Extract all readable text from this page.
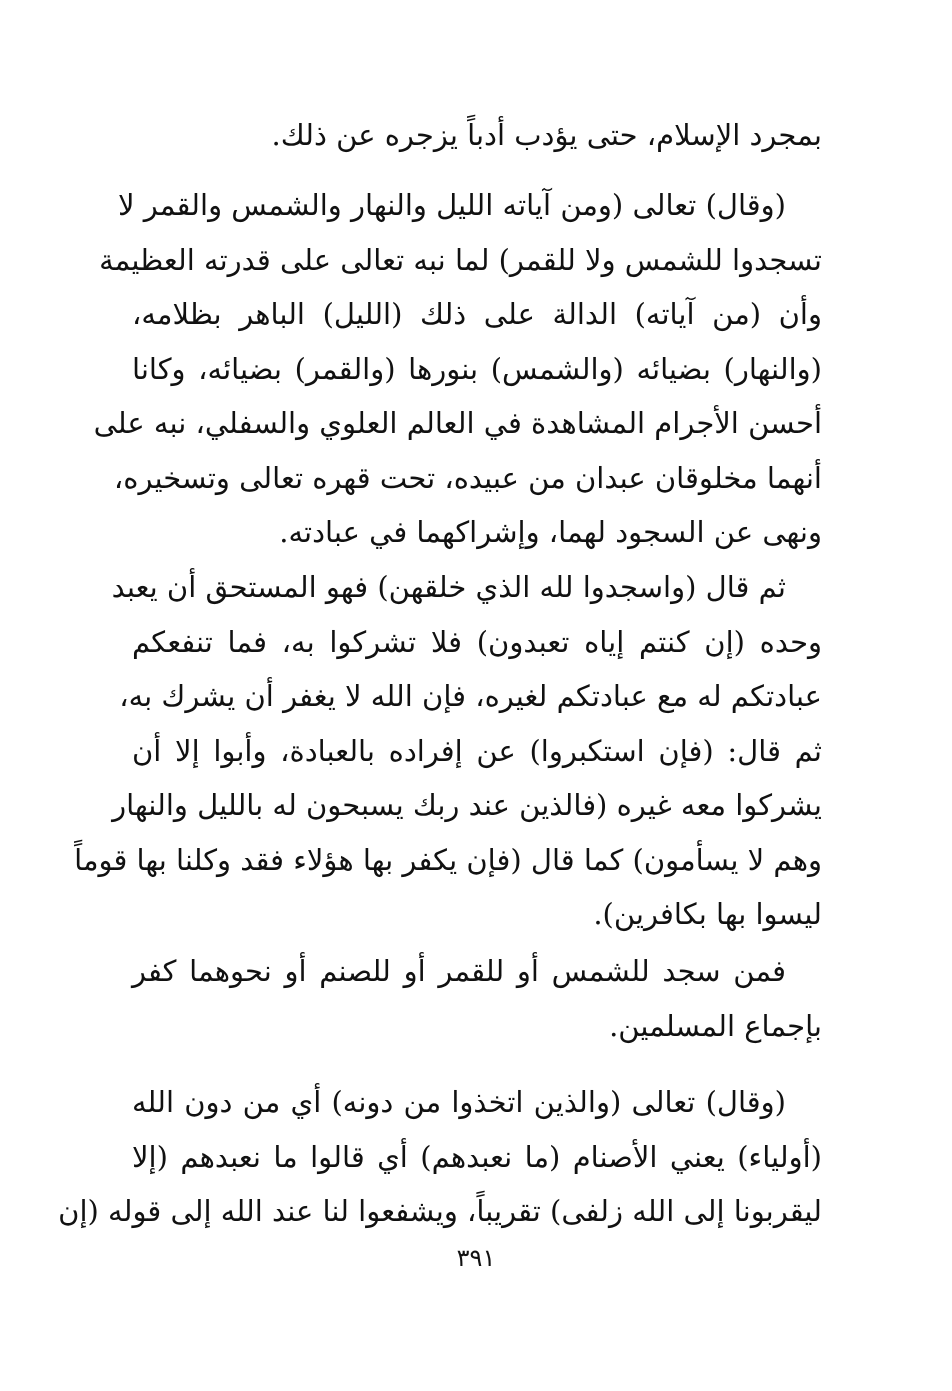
بمجرد الإسلام، حتى يؤدب أدباً يزجره عن ذلك.
(وقال) تعالى (ومن آياته الليل والنهار والشمس والقمر لا
تسجدوا للشمس ولا للقمر) لما نبه تعالى على قدرته العظيمة
وأن (من آياته) الدالة على ذلك (الليل) الباهر بظلامه،
(والنهار) بضيائه (والشمس) بنورها (والقمر) بضيائه، وكانا
أحسن الأجرام المشاهدة في العالم العلوي والسفلي، نبه على
أنهما مخلوقان عبدان من عبيده، تحت قهره تعالى وتسخيره،
ونهى عن السجود لهما، وإشراكهما في عبادته.
ثم قال (واسجدوا لله الذي خلقهن) فهو المستحق أن يعبد
وحده (إن كنتم إياه تعبدون) فلا تشركوا به، فما تنفعكم
عبادتكم له مع عبادتكم لغيره، فإن الله لا يغفر أن يشرك به،
ثم قال: (فإن استكبروا) عن إفراده بالعبادة، وأبوا إلا أن
يشركوا معه غيره (فالذين عند ربك يسبحون له بالليل والنهار
وهم لا يسأمون) كما قال (فإن يكفر بها هؤلاء فقد وكلنا بها قوماً
ليسوا بها بكافرين).
فمن سجد للشمس أو للقمر أو للصنم أو نحوهما كفر
بإجماع المسلمين.
(وقال) تعالى (والذين اتخذوا من دونه) أي من دون الله
(أولياء) يعني الأصنام (ما نعبدهم) أي قالوا ما نعبدهم (إلا
ليقربونا إلى الله زلفى) تقريباً، ويشفعوا لنا عند الله إلى قوله (إن
٣٩١
